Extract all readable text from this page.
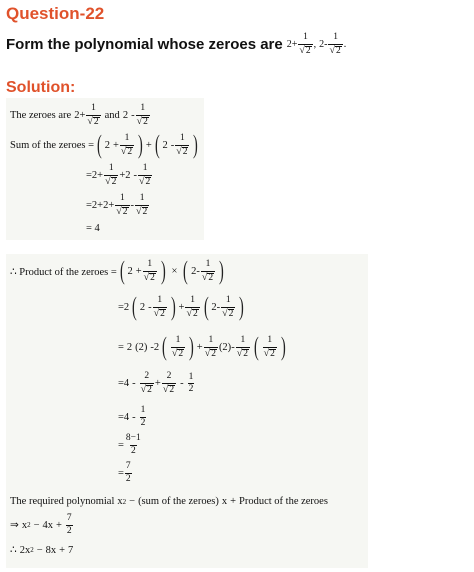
Question-22
Form the polynomial whose zeroes are $2 + \frac{1}{√ 2}$ , $2 - \frac{1}{√ 2}$ .
Solution:
The zeroes are $2 + \frac{1}{√ 2}$ and $2 - \frac{1}{√ 2}$
Sum of the zeroes = ( $2 + \frac{1}{√ 2}$ ) + ( $2 - \frac{1}{√ 2}$ )
= $2 + \frac{1}{√ 2} + 2 - \frac{1}{√ 2}$
= $2 + 2 + \frac{1}{√ 2} - \frac{1}{√ 2}$
= 4
∴ Product of the zeroes = ( $2 + \frac{1}{√ 2}$ ) × ( $2 - \frac{1}{√ 2}$ )
= 2 ( $2 - \frac{1}{√ 2}$ ) + $\frac{1}{√ 2}$ ( $2 - \frac{1}{√ 2}$ )
= 2 (2) - 2 ( $\frac{1}{√ 2}$ ) + $\frac{1}{√ 2} (2) - \frac{1}{√ 2}$ ( $\frac{1}{√ 2}$ )
= $4 - \frac{2}{√ 2} + \frac{2}{√ 2} - \frac{1}{2}$
= $4 - \frac{1}{2}$
= $\frac{8-1}{2}$
= $\frac{7}{2}$
The required polynomial x 2 − (sum of the zeroes) x + Product of the zeroes
⇒ x $2 - 4x + \frac{7}{2}$
∴ 2x 2 − 8x + 7
